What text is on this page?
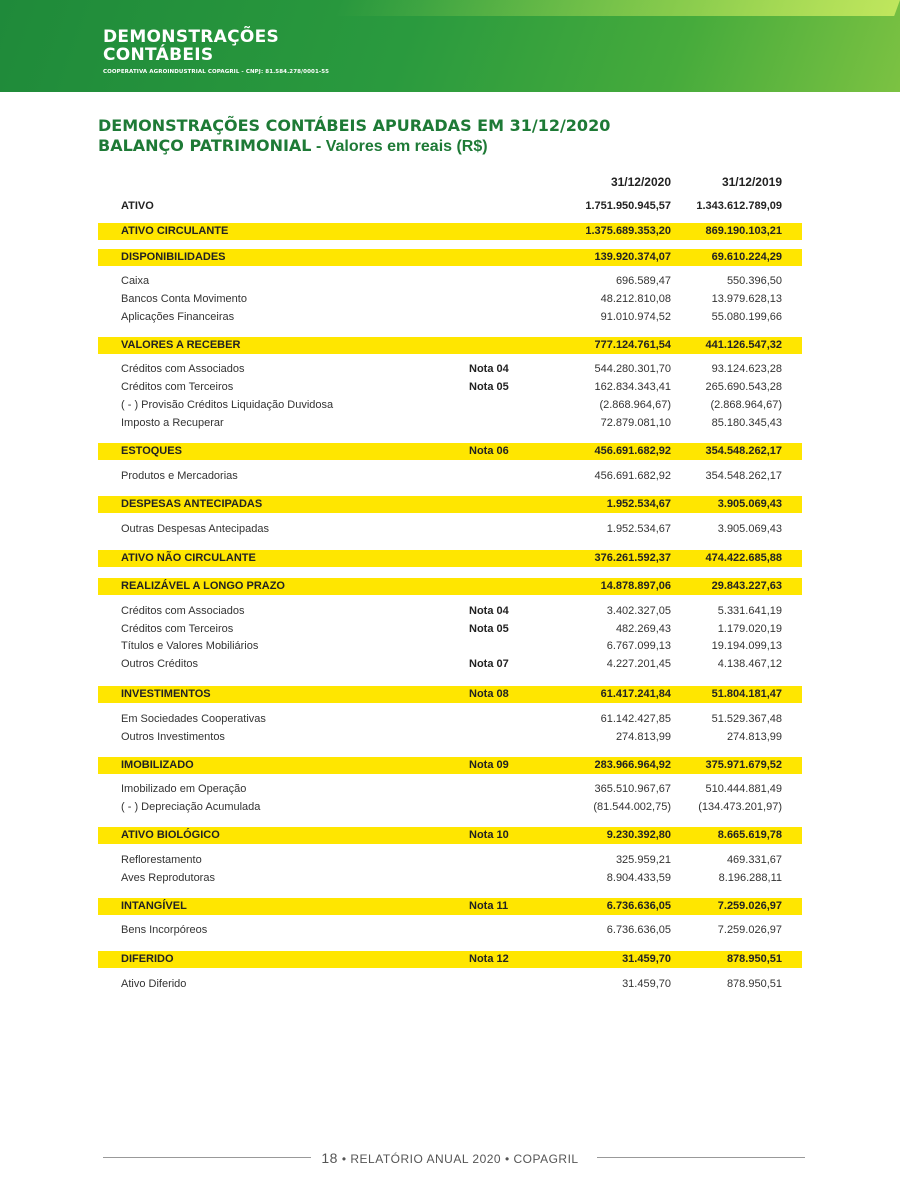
DEMONSTRAÇÕES
CONTÁBEIS
COOPERATIVA AGROINDUSTRIAL COPAGRIL - CNPJ: 81.584.278/0001-55
DEMONSTRAÇÕES CONTÁBEIS APURADAS EM 31/12/2020
BALANÇO PATRIMONIAL - Valores em reais (R$)
31/12/2020	31/12/2019
ATIVO	1.751.950.945,57 1.343.612.789,09
ATIVO CIRCULANTE	1.375.689.353,20	869.190.103,21
DISPONIBILIDADES	139.920.374,07	69.610.224,29
Caixa	696.589,47	550.396,50
Bancos Conta Movimento	48.212.810,08	13.979.628,13
Aplicações Financeiras	91.010.974,52	55.080.199,66
VALORES A RECEBER	777.124.761,54	441.126.547,32
Créditos com Associados	Nota 04	544.280.301,70	93.124.623,28
Créditos com Terceiros	Nota 05	162.834.343,41	265.690.543,28
( - ) Provisão Créditos Liquidação Duvidosa	(2.868.964,67)	(2.868.964,67)
Imposto a Recuperar	72.879.081,10	85.180.345,43
ESTOQUES	Nota 06	456.691.682,92	354.548.262,17
Produtos e Mercadorias	456.691.682,92	354.548.262,17
DESPESAS ANTECIPADAS	1.952.534,67	3.905.069,43
Outras Despesas Antecipadas	1.952.534,67	3.905.069,43
ATIVO NÃO CIRCULANTE	376.261.592,37	474.422.685,88
REALIZÁVEL A LONGO PRAZO	14.878.897,06	29.843.227,63
Créditos com Associados	Nota 04	3.402.327,05	5.331.641,19
Créditos com Terceiros	Nota 05	482.269,43	1.179.020,19
Títulos e Valores Mobiliários	6.767.099,13	19.194.099,13
Outros Créditos	Nota 07	4.227.201,45	4.138.467,12
INVESTIMENTOS	Nota 08	61.417.241,84	51.804.181,47
Em Sociedades Cooperativas	61.142.427,85	51.529.367,48
Outros Investimentos	274.813,99	274.813,99
IMOBILIZADO	Nota 09	283.966.964,92	375.971.679,52
Imobilizado em Operação	365.510.967,67	510.444.881,49
( - ) Depreciação Acumulada	(81.544.002,75) (134.473.201,97)
ATIVO BIOLÓGICO	Nota 10	9.230.392,80	8.665.619,78
Reflorestamento	325.959,21	469.331,67
Aves Reprodutoras	8.904.433,59	8.196.288,11
INTANGÍVEL	Nota 11	6.736.636,05	7.259.026,97
Bens Incorpóreos	6.736.636,05	7.259.026,97
DIFERIDO	Nota 12	31.459,70	878.950,51
Ativo Diferido	31.459,70	878.950,51
18 • RELATÓRIO ANUAL 2020 • COPAGRIL
